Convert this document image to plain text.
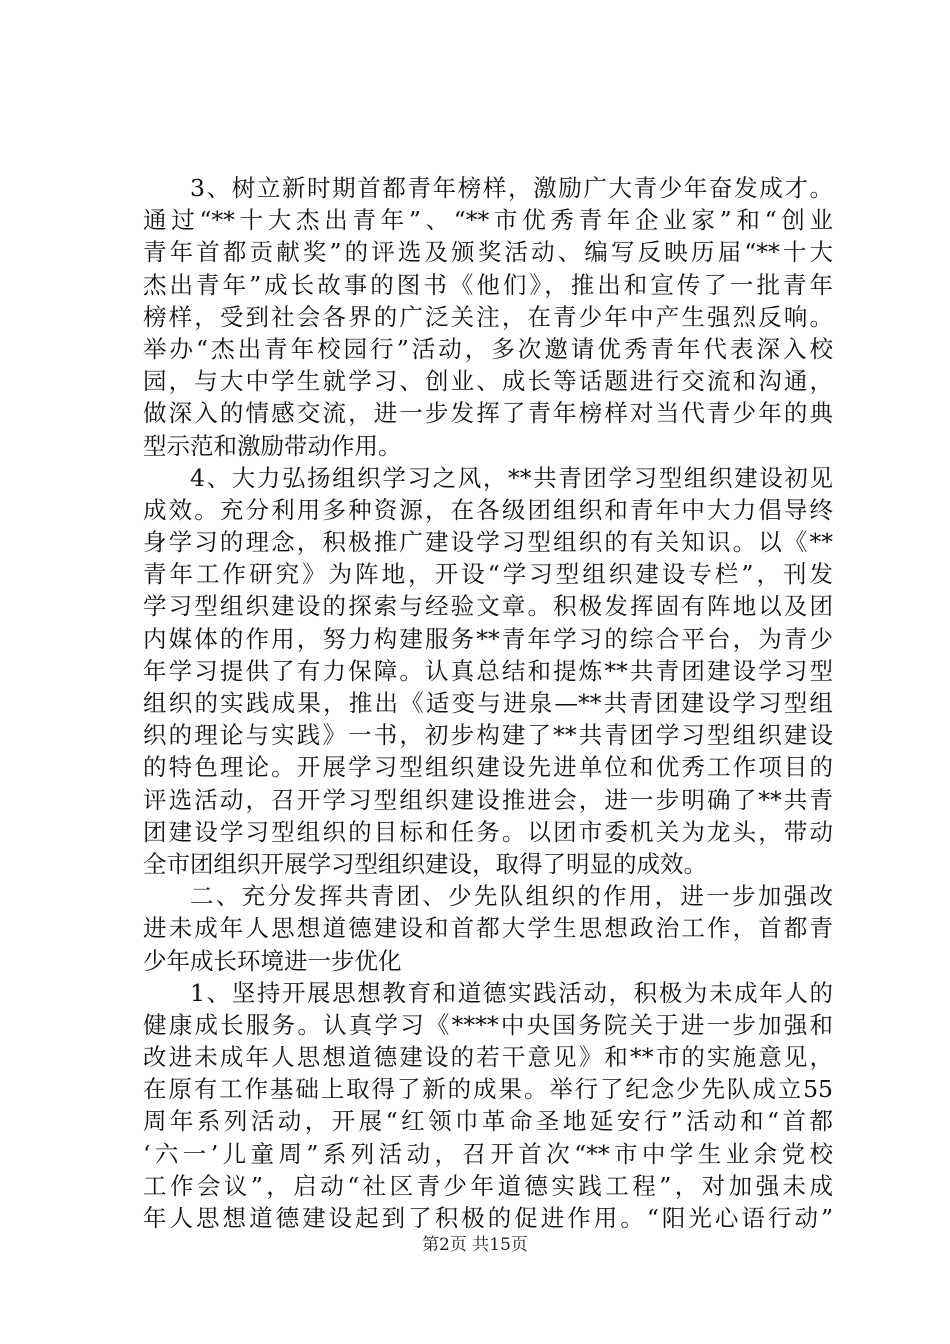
3、树立新时期首都青年榜样，激励广大青少年奋发成才。
通过“**十大杰出青年”、“**市优秀青年企业家”和“创业
青年首都贡献奖”的评选及颁奖活动、编写反映历届“**十大
杰出青年”成长故事的图书《他们》，推出和宣传了一批青年
榜样，受到社会各界的广泛关注，在青少年中产生强烈反响。
举办“杰出青年校园行”活动，多次邀请优秀青年代表深入校
园，与大中学生就学习、创业、成长等话题进行交流和沟通，
做深入的情感交流，进一步发挥了青年榜样对当代青少年的典
型示范和激励带动作用。
4、大力弘扬组织学习之风，**共青团学习型组织建设初见
成效。充分利用多种资源，在各级团组织和青年中大力倡导终
身学习的理念，积极推广建设学习型组织的有关知识。以《**
青年工作研究》为阵地，开设“学习型组织建设专栏”，刊发
学习型组织建设的探索与经验文章。积极发挥固有阵地以及团
内媒体的作用，努力构建服务**青年学习的综合平台，为青少
年学习提供了有力保障。认真总结和提炼**共青团建设学习型
组织的实践成果，推出《适变与进泉—**共青团建设学习型组
织的理论与实践》一书，初步构建了**共青团学习型组织建设
的特色理论。开展学习型组织建设先进单位和优秀工作项目的
评选活动，召开学习型组织建设推进会，进一步明确了**共青
团建设学习型组织的目标和任务。以团市委机关为龙头，带动
全市团组织开展学习型组织建设，取得了明显的成效。
二、充分发挥共青团、少先队组织的作用，进一步加强改
进未成年人思想道德建设和首都大学生思想政治工作，首都青
少年成长环境进一步优化
1、坚持开展思想教育和道德实践活动，积极为未成年人的
健康成长服务。认真学习《****中央国务院关于进一步加强和
改进未成年人思想道德建设的若干意见》和**市的实施意见，
在原有工作基础上取得了新的成果。举行了纪念少先队成立55
周年系列活动，开展“红领巾革命圣地延安行”活动和“首都
‘六一’儿童周”系列活动，召开首次“**市中学生业余党校
工作会议”，启动“社区青少年道德实践工程”，对加强未成
年人思想道德建设起到了积极的促进作用。“阳光心语行动”
第2页 共15页
